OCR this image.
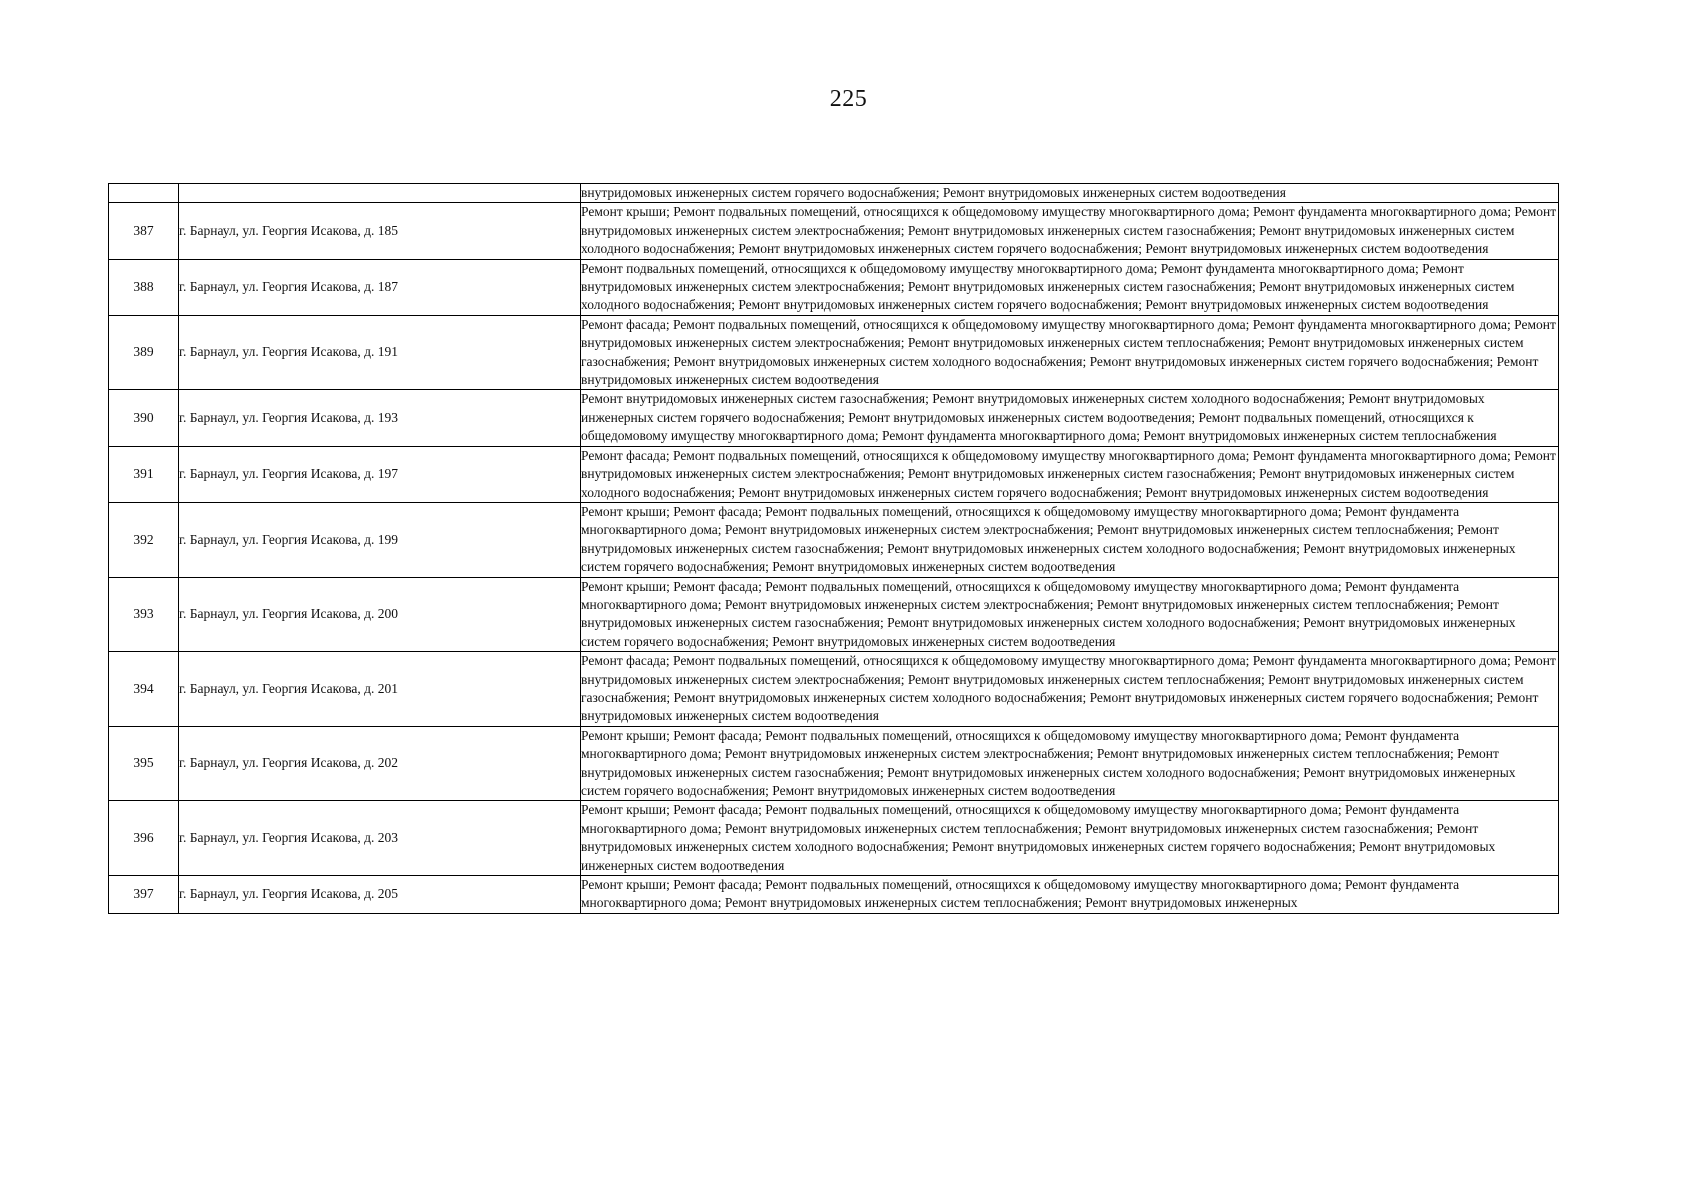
225
		внутридомовых инженерных систем горячего водоснабжения; Ремонт внутридомовых инженерных систем водоотведения
387	г. Барнаул, ул. Георгия Исакова, д. 185	Ремонт крыши; Ремонт подвальных помещений, относящихся к общедомовому имуществу многоквартирного дома; Ремонт фундамента многоквартирного дома; Ремонт внутридомовых инженерных систем электроснабжения; Ремонт внутридомовых инженерных систем газоснабжения; Ремонт внутридомовых инженерных систем холодного водоснабжения; Ремонт внутридомовых инженерных систем горячего водоснабжения; Ремонт внутридомовых инженерных систем водоотведения
388	г. Барнаул, ул. Георгия Исакова, д. 187	Ремонт подвальных помещений, относящихся к общедомовому имуществу многоквартирного дома; Ремонт фундамента многоквартирного дома; Ремонт внутридомовых инженерных систем электроснабжения; Ремонт внутридомовых инженерных систем газоснабжения; Ремонт внутридомовых инженерных систем холодного водоснабжения; Ремонт внутридомовых инженерных систем горячего водоснабжения; Ремонт внутридомовых инженерных систем водоотведения
389	г. Барнаул, ул. Георгия Исакова, д. 191	Ремонт фасада; Ремонт подвальных помещений, относящихся к общедомовому имуществу многоквартирного дома; Ремонт фундамента многоквартирного дома; Ремонт внутридомовых инженерных систем электроснабжения; Ремонт внутридомовых инженерных систем теплоснабжения; Ремонт внутридомовых инженерных систем газоснабжения; Ремонт внутридомовых инженерных систем холодного водоснабжения; Ремонт внутридомовых инженерных систем горячего водоснабжения; Ремонт внутридомовых инженерных систем водоотведения
390	г. Барнаул, ул. Георгия Исакова, д. 193	Ремонт внутридомовых инженерных систем газоснабжения; Ремонт внутридомовых инженерных систем холодного водоснабжения; Ремонт внутридомовых инженерных систем горячего водоснабжения; Ремонт внутридомовых инженерных систем водоотведения; Ремонт подвальных помещений, относящихся к общедомовому имуществу многоквартирного дома; Ремонт фундамента многоквартирного дома; Ремонт внутридомовых инженерных систем теплоснабжения
391	г. Барнаул, ул. Георгия Исакова, д. 197	Ремонт фасада; Ремонт подвальных помещений, относящихся к общедомовому имуществу многоквартирного дома; Ремонт фундамента многоквартирного дома; Ремонт внутридомовых инженерных систем электроснабжения; Ремонт внутридомовых инженерных систем газоснабжения; Ремонт внутридомовых инженерных систем холодного водоснабжения; Ремонт внутридомовых инженерных систем горячего водоснабжения; Ремонт внутридомовых инженерных систем водоотведения
392	г. Барнаул, ул. Георгия Исакова, д. 199	Ремонт крыши; Ремонт фасада; Ремонт подвальных помещений, относящихся к общедомовому имуществу многоквартирного дома; Ремонт фундамента многоквартирного дома; Ремонт внутридомовых инженерных систем электроснабжения; Ремонт внутридомовых инженерных систем теплоснабжения; Ремонт внутридомовых инженерных систем газоснабжения; Ремонт внутридомовых инженерных систем холодного водоснабжения; Ремонт внутридомовых инженерных систем горячего водоснабжения; Ремонт внутридомовых инженерных систем водоотведения
393	г. Барнаул, ул. Георгия Исакова, д. 200	Ремонт крыши; Ремонт фасада; Ремонт подвальных помещений, относящихся к общедомовому имуществу многоквартирного дома; Ремонт фундамента многоквартирного дома; Ремонт внутридомовых инженерных систем электроснабжения; Ремонт внутридомовых инженерных систем теплоснабжения; Ремонт внутридомовых инженерных систем газоснабжения; Ремонт внутридомовых инженерных систем холодного водоснабжения; Ремонт внутридомовых инженерных систем горячего водоснабжения; Ремонт внутридомовых инженерных систем водоотведения
394	г. Барнаул, ул. Георгия Исакова, д. 201	Ремонт фасада; Ремонт подвальных помещений, относящихся к общедомовому имуществу многоквартирного дома; Ремонт фундамента многоквартирного дома; Ремонт внутридомовых инженерных систем электроснабжения; Ремонт внутридомовых инженерных систем теплоснабжения; Ремонт внутридомовых инженерных систем газоснабжения; Ремонт внутридомовых инженерных систем холодного водоснабжения; Ремонт внутридомовых инженерных систем горячего водоснабжения; Ремонт внутридомовых инженерных систем водоотведения
395	г. Барнаул, ул. Георгия Исакова, д. 202	Ремонт крыши; Ремонт фасада; Ремонт подвальных помещений, относящихся к общедомовому имуществу многоквартирного дома; Ремонт фундамента многоквартирного дома; Ремонт внутридомовых инженерных систем электроснабжения; Ремонт внутридомовых инженерных систем теплоснабжения; Ремонт внутридомовых инженерных систем газоснабжения; Ремонт внутридомовых инженерных систем холодного водоснабжения; Ремонт внутридомовых инженерных систем горячего водоснабжения; Ремонт внутридомовых инженерных систем водоотведения
396	г. Барнаул, ул. Георгия Исакова, д. 203	Ремонт крыши; Ремонт фасада; Ремонт подвальных помещений, относящихся к общедомовому имуществу многоквартирного дома; Ремонт фундамента многоквартирного дома; Ремонт внутридомовых инженерных систем теплоснабжения; Ремонт внутридомовых инженерных систем газоснабжения; Ремонт внутридомовых инженерных систем холодного водоснабжения; Ремонт внутридомовых инженерных систем горячего водоснабжения; Ремонт внутридомовых инженерных систем водоотведения
397	г. Барнаул, ул. Георгия Исакова, д. 205	Ремонт крыши; Ремонт фасада; Ремонт подвальных помещений, относящихся к общедомовому имуществу многоквартирного дома; Ремонт фундамента многоквартирного дома; Ремонт внутридомовых инженерных систем теплоснабжения; Ремонт внутридомовых инженерных
